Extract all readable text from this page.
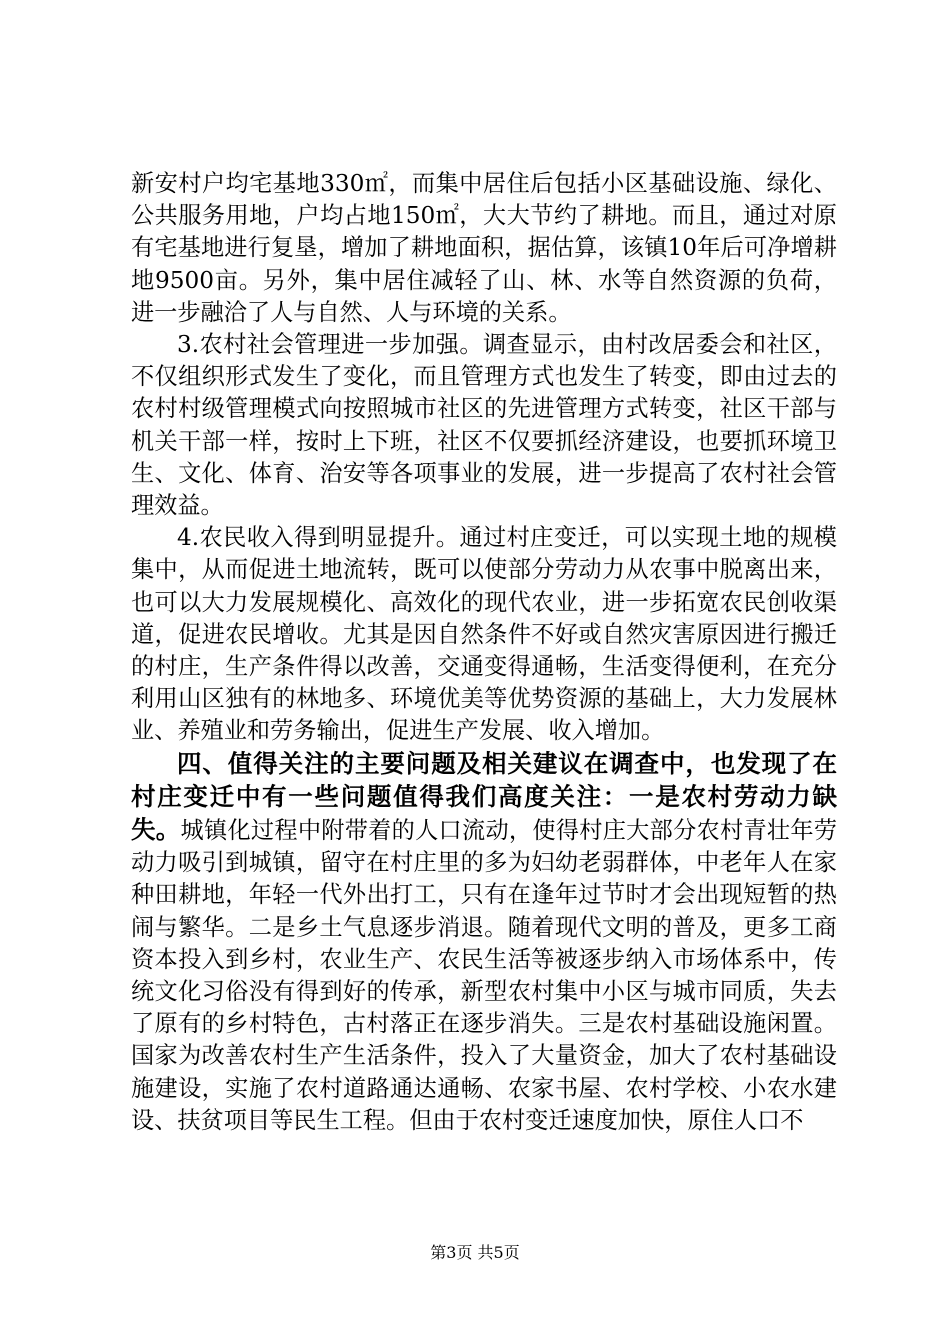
新安村户均宅基地330㎡，而集中居住后包括小区基础设施、绿化、公共服务用地，户均占地150㎡，大大节约了耕地。而且，通过对原有宅基地进行复垦，增加了耕地面积，据估算，该镇10年后可净增耕地9500亩。另外，集中居住减轻了山、林、水等自然资源的负荷，进一步融洽了人与自然、人与环境的关系。

3.农村社会管理进一步加强。调查显示，由村改居委会和社区，不仅组织形式发生了变化，而且管理方式也发生了转变，即由过去的农村村级管理模式向按照城市社区的先进管理方式转变，社区干部与机关干部一样，按时上下班，社区不仅要抓经济建设，也要抓环境卫生、文化、体育、治安等各项事业的发展，进一步提高了农村社会管理效益。

4.农民收入得到明显提升。通过村庄变迁，可以实现土地的规模集中，从而促进土地流转，既可以使部分劳动力从农事中脱离出来，也可以大力发展规模化、高效化的现代农业，进一步拓宽农民创收渠道，促进农民增收。尤其是因自然条件不好或自然灾害原因进行搬迁的村庄，生产条件得以改善，交通变得通畅，生活变得便利，在充分利用山区独有的林地多、环境优美等优势资源的基础上，大力发展林业、养殖业和劳务输出，促进生产发展、收入增加。

四、值得关注的主要问题及相关建议在调查中，也发现了在村庄变迁中有一些问题值得我们高度关注：一是农村劳动力缺失。城镇化过程中附带着的人口流动，使得村庄大部分农村青壮年劳动力吸引到城镇，留守在村庄里的多为妇幼老弱群体，中老年人在家种田耕地，年轻一代外出打工，只有在逢年过节时才会出现短暂的热闹与繁华。二是乡土气息逐步消退。随着现代文明的普及，更多工商资本投入到乡村，农业生产、农民生活等被逐步纳入市场体系中，传统文化习俗没有得到好的传承，新型农村集中小区与城市同质，失去了原有的乡村特色，古村落正在逐步消失。三是农村基础设施闲置。国家为改善农村生产生活条件，投入了大量资金，加大了农村基础设施建设，实施了农村道路通达通畅、农家书屋、农村学校、小农水建设、扶贫项目等民生工程。但由于农村变迁速度加快，原住人口不

第3页 共5页
